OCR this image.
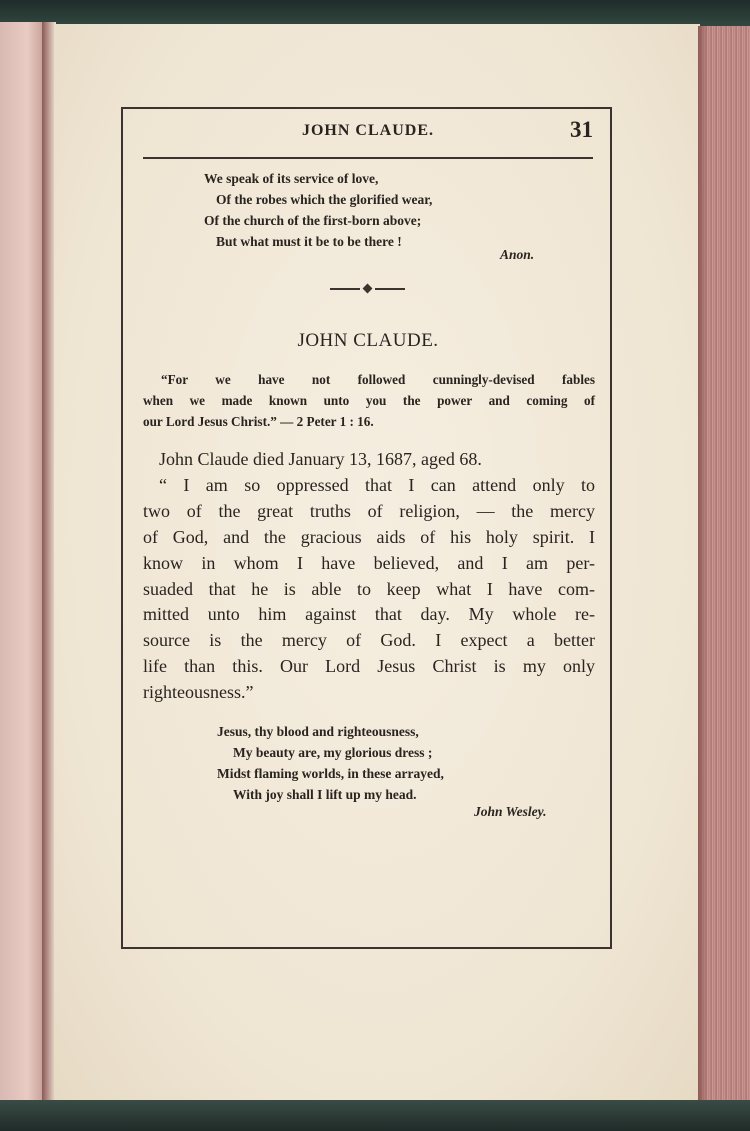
JOHN CLAUDE.	31
We speak of its service of love,
Of the robes which the glorified wear,
Of the church of the first-born above;
But what must it be to be there !
Anon.
JOHN CLAUDE.
“For we have not followed cunningly-devised fables
when we made known unto you the power and coming of
our Lord Jesus Christ.” — 2 Peter 1 : 16.
John Claude died January 13, 1687, aged 68.
“ I am so oppressed that I can attend only to
two of the great truths of religion, — the mercy
of God, and the gracious aids of his holy spirit. I
know in whom I have believed, and I am per-
suaded that he is able to keep what I have com-
mitted unto him against that day. My whole re-
source is the mercy of God. I expect a better
life than this. Our Lord Jesus Christ is my only
righteousness.”
Jesus, thy blood and righteousness,
My beauty are, my glorious dress ;
Midst flaming worlds, in these arrayed,
With joy shall I lift up my head.
John Wesley.
